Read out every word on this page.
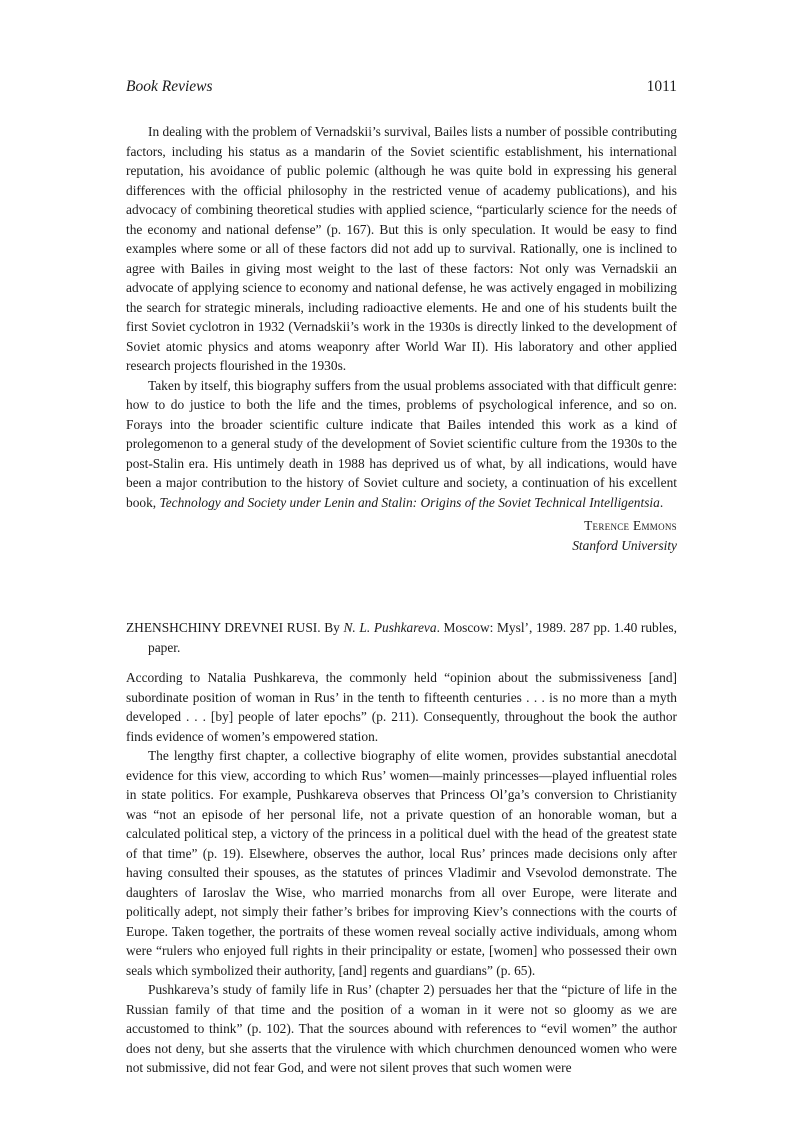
Book Reviews	1011

In dealing with the problem of Vernadskii’s survival, Bailes lists a number of possible contributing factors, including his status as a mandarin of the Soviet scientific establishment, his international reputation, his avoidance of public polemic (although he was quite bold in expressing his general differences with the official philosophy in the restricted venue of academy publications), and his advocacy of combining theoretical studies with applied science, “particularly science for the needs of the economy and national defense” (p. 167). But this is only speculation. It would be easy to find examples where some or all of these factors did not add up to survival. Rationally, one is inclined to agree with Bailes in giving most weight to the last of these factors: Not only was Vernadskii an advocate of applying science to economy and national defense, he was actively engaged in mobilizing the search for strategic minerals, including radioactive elements. He and one of his students built the first Soviet cyclotron in 1932 (Vernadskii’s work in the 1930s is directly linked to the development of Soviet atomic physics and atoms weaponry after World War II). His laboratory and other applied research projects flourished in the 1930s.

Taken by itself, this biography suffers from the usual problems associated with that difficult genre: how to do justice to both the life and the times, problems of psychological inference, and so on. Forays into the broader scientific culture indicate that Bailes intended this work as a kind of prolegomenon to a general study of the development of Soviet scientific culture from the 1930s to the post-Stalin era. His untimely death in 1988 has deprived us of what, by all indications, would have been a major contribution to the history of Soviet culture and society, a continuation of his excellent book, Technology and Society under Lenin and Stalin: Origins of the Soviet Technical Intelligentsia.

Terence Emmons
Stanford University
ZHENSHCHINY DREVNEI RUSI. By N. L. Pushkareva. Moscow: Mysl’, 1989. 287 pp. 1.40 rubles, paper.

According to Natalia Pushkareva, the commonly held “opinion about the submissiveness [and] subordinate position of woman in Rus’ in the tenth to fifteenth centuries . . . is no more than a myth developed . . . [by] people of later epochs” (p. 211). Consequently, throughout the book the author finds evidence of women’s empowered station.

The lengthy first chapter, a collective biography of elite women, provides substantial anecdotal evidence for this view, according to which Rus’ women—mainly princesses—played influential roles in state politics. For example, Pushkareva observes that Princess Ol’ga’s conversion to Christianity was “not an episode of her personal life, not a private question of an honorable woman, but a calculated political step, a victory of the princess in a political duel with the head of the greatest state of that time” (p. 19). Elsewhere, observes the author, local Rus’ princes made decisions only after having consulted their spouses, as the statutes of princes Vladimir and Vsevolod demonstrate. The daughters of Iaroslav the Wise, who married monarchs from all over Europe, were literate and politically adept, not simply their father’s bribes for improving Kiev’s connections with the courts of Europe. Taken together, the portraits of these women reveal socially active individuals, among whom were “rulers who enjoyed full rights in their principality or estate, [women] who possessed their own seals which symbolized their authority, [and] regents and guardians” (p. 65).

Pushkareva’s study of family life in Rus’ (chapter 2) persuades her that the “picture of life in the Russian family of that time and the position of a woman in it were not so gloomy as we are accustomed to think” (p. 102). That the sources abound with references to “evil women” the author does not deny, but she asserts that the virulence with which churchmen denounced women who were not submissive, did not fear God, and were not silent proves that such women were
